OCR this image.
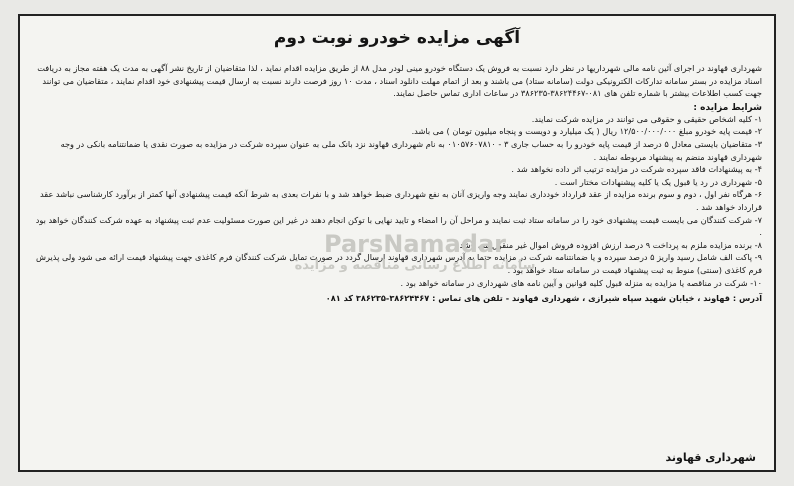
آگهی مزایده خودرو نوبت دوم
شهرداری قهاوند در اجرای آئین نامه مالی شهرداریها در نظر دارد نسبت به فروش یک دستگاه خودرو مینی لودر مدل ۸۸ از طریق مزایده اقدام نماید ، لذا متقاضیان از تاریخ نشر آگهی به مدت یک هفته مجاز به دریافت اسناد مزایده در بستر سامانه تدارکات الکترونیکی دولت (سامانه ستاد) می باشند و بعد از اتمام مهلت دانلود اسناد ، مدت ۱۰ روز فرصت دارند نسبت به ارسال قیمت پیشنهادی خود اقدام نمایند ، متقاضیان می توانند جهت کسب اطلاعات بیشتر با شماره تلفن های ۰۸۱-۳۸۶۲۴۴۶۷-۳۸۶۲۳۵ در ساعات اداری تماس حاصل نمایند.
شرایط مزایده :
۱- کلیه اشخاص حقیقی و حقوقی می توانند در مزایده شرکت نمایند.
۲- قیمت پایه خودرو مبلغ ۱۲/۵۰۰/۰۰۰/۰۰۰ ریال ( یک میلیارد و دویست و پنجاه میلیون تومان ) می باشد.
۳- متقاضیان بایستی معادل ۵ درصد از قیمت پایه خودرو را به حساب جاری ۳ - ۰۱۰۵۷۶۰۷۸۱۰ به نام شهرداری قهاوند نزد بانک ملی به عنوان سپرده شرکت در مزایده به صورت نقدی یا ضمانتنامه بانکی در وجه شهرداری قهاوند منضم به پیشنهاد مربوطه نمایند .
۴- به پیشنهادات فاقد سپرده شرکت در مزایده ترتیب اثر داده نخواهد شد .
۵- شهرداری در رد یا قبول یک یا کلیه پیشنهادات مختار است .
۶- هرگاه نفر اول ، دوم و سوم برنده مزایده از عقد قرارداد خودداری نمایند وجه واریزی آنان به نفع شهرداری ضبط خواهد شد و با نفرات بعدی به شرط آنکه قیمت پیشنهادی آنها کمتر از برآورد کارشناسی نباشد عقد قرارداد خواهد شد .
۷- شرکت کنندگان می بایست قیمت پیشنهادی خود را در سامانه ستاد ثبت نمایند و مراحل آن را امضاء و تایید نهایی با توکن انجام دهند در غیر این صورت مسئولیت عدم ثبت پیشنهاد به عهده شرکت کنندگان خواهد بود .
۸- برنده مزایده ملزم به پرداخت ۹ درصد ارزش افزوده فروش اموال غیر منقول می باشد .
۹- پاکت الف شامل رسید واریز ۵ درصد سپرده و یا ضمانتنامه شرکت در مزایده حتما به آدرس شهرداری قهاوند ارسال گردد در صورت تمایل شرکت کنندگان فرم کاغذی جهت پیشنهاد قیمت ارائه می شود ولی پذیرش فرم کاغذی (سنتی) منوط به ثبت پیشنهاد قیمت در سامانه ستاد خواهد بود .
۱۰- شرکت در مناقصه یا مزایده به منزله قبول کلیه قوانین و آیین نامه های شهرداری در سامانه خواهد بود .
آدرس : قهاوند ، خیابان شهید سپاه شیرازی ، شهرداری قهاوند - تلفن های تماس : ۳۸۶۲۴۴۶۷-۳۸۶۲۳۵ کد ۰۸۱
شهرداری قهاوند
ParsNamadar
سامانه اطلاع رسانی مناقصه و مزایده
